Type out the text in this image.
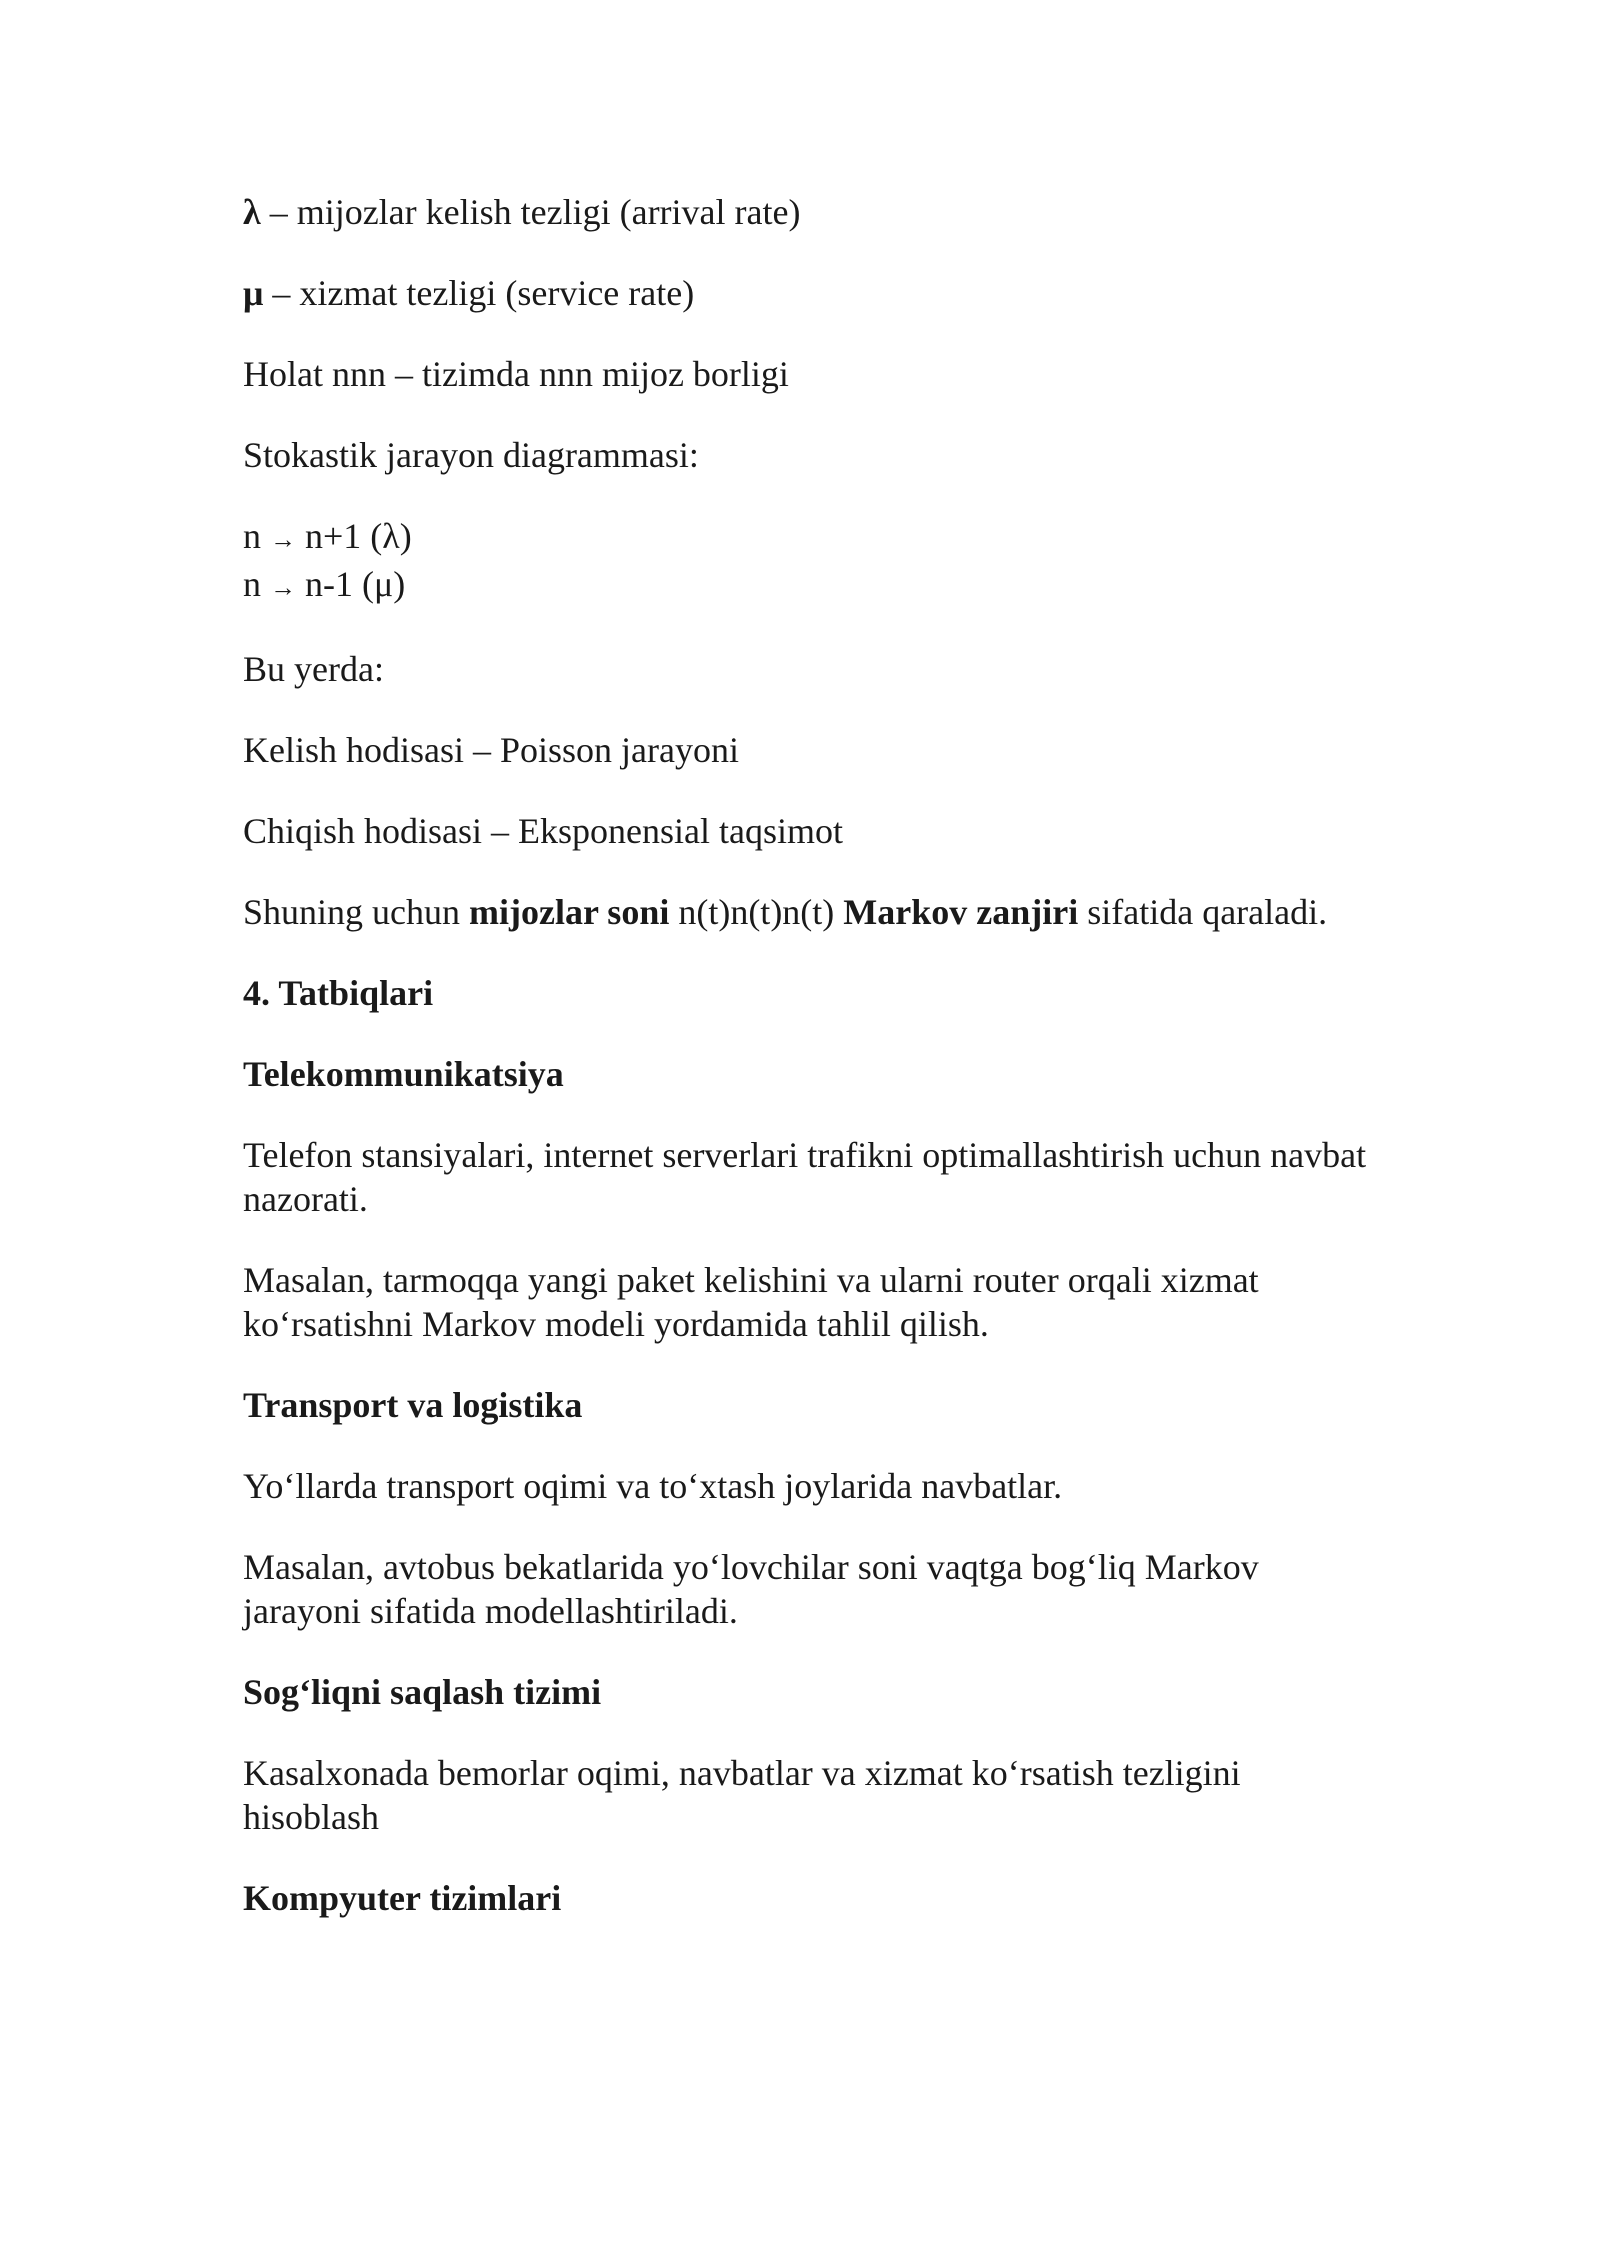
λ – mijozlar kelish tezligi (arrival rate)

μ – xizmat tezligi (service rate)

Holat nnn – tizimda nnn mijoz borligi

Stokastik jarayon diagrammasi:

n → n+1 (λ)
n → n-1 (μ)

Bu yerda:

Kelish hodisasi – Poisson jarayoni

Chiqish hodisasi – Eksponensial taqsimot

Shuning uchun mijozlar soni n(t)n(t)n(t) Markov zanjiri sifatida qaraladi.

4. Tatbiqlari

Telekommunikatsiya

Telefon stansiyalari, internet serverlari trafikni optimallashtirish uchun navbat nazorati.

Masalan, tarmoqqa yangi paket kelishini va ularni router orqali xizmat ko‘rsatishni Markov modeli yordamida tahlil qilish.

Transport va logistika

Yo‘llarda transport oqimi va to‘xtash joylarida navbatlar.

Masalan, avtobus bekatlarida yo‘lovchilar soni vaqtga bog‘liq Markov jarayoni sifatida modellashtiriladi.

Sog‘liqni saqlash tizimi

Kasalxonada bemorlar oqimi, navbatlar va xizmat ko‘rsatish tezligini hisoblash

Kompyuter tizimlari
